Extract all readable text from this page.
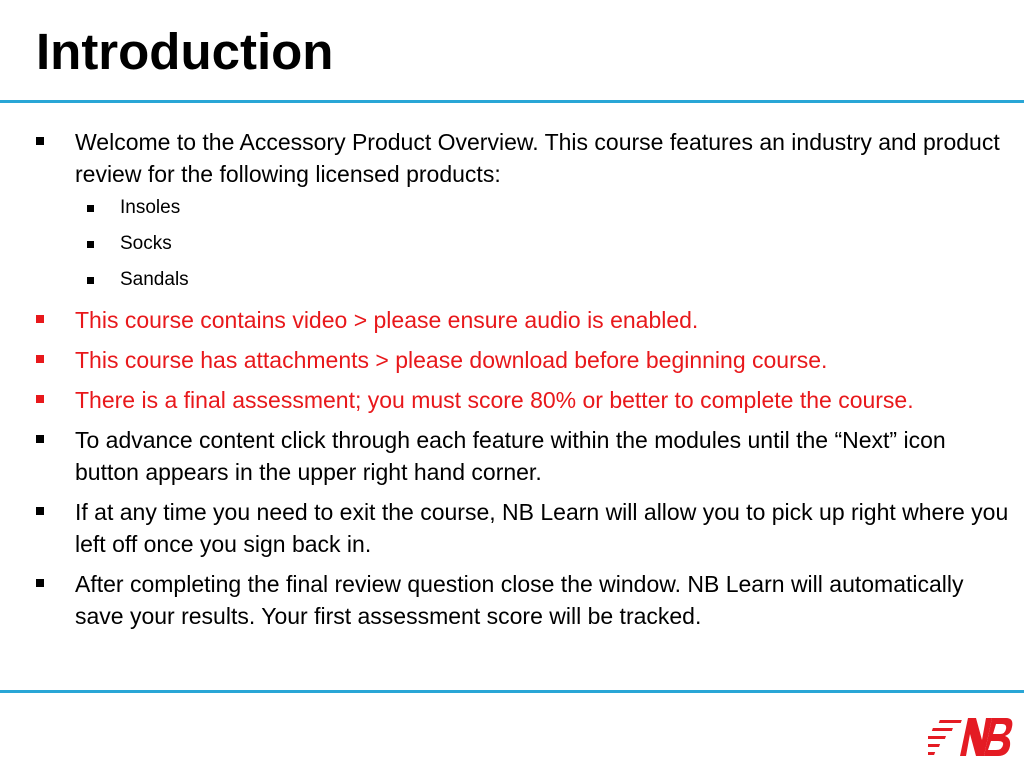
Introduction
Welcome to the Accessory Product Overview. This course features an industry and product review for the following licensed products:
Insoles
Socks
Sandals
This course contains video > please ensure audio is enabled.
This course has attachments > please download before beginning course.
There is a final assessment; you must score 80% or better to complete the course.
To advance content click through each feature within the modules until the “Next” icon button appears in the upper right hand corner.
If at any time you need to exit the course, NB Learn will allow you to pick up right where you left off once you sign back in.
After completing the final review question close the window. NB Learn will automatically save your results. Your first assessment score will be tracked.
